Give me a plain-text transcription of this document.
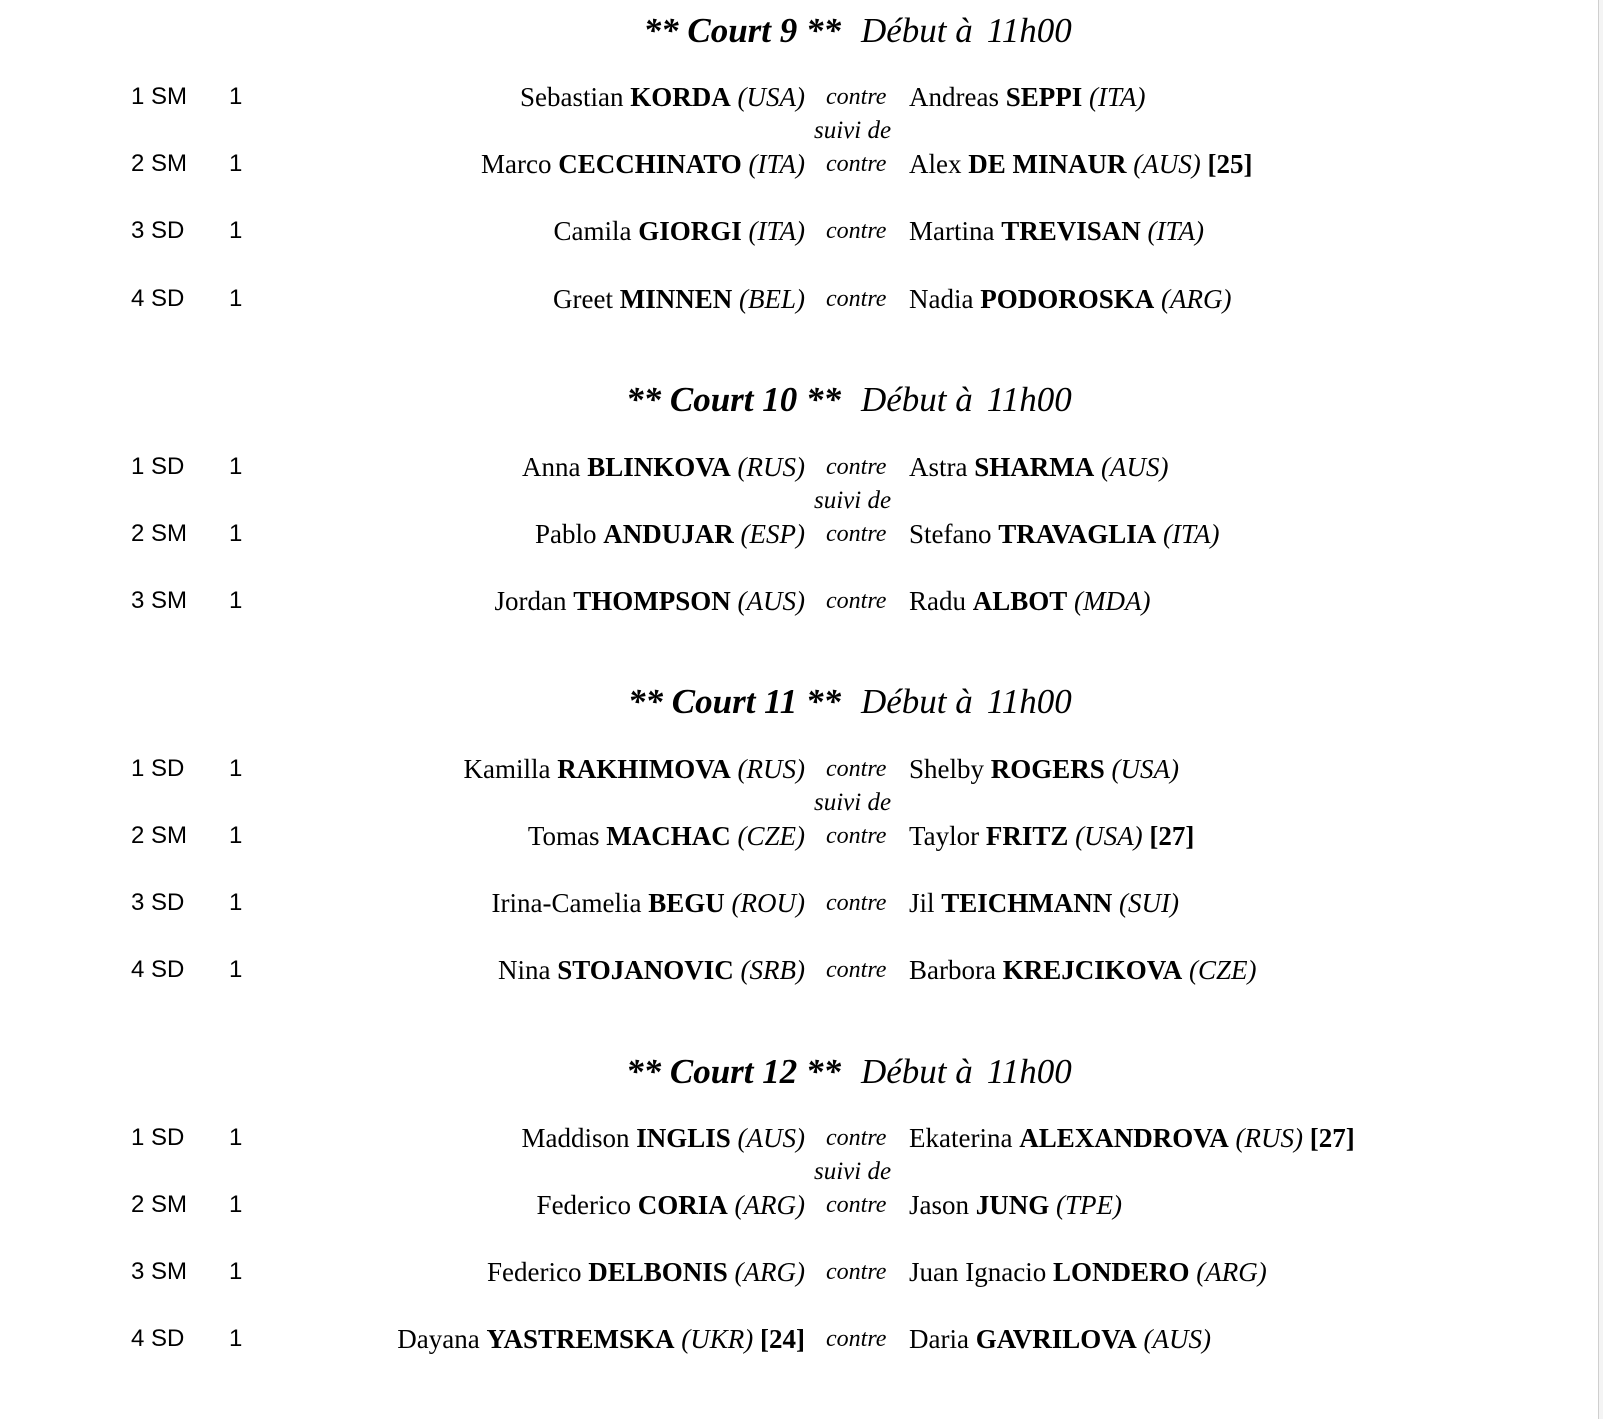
** Court 9 ** Début à 11h00
1 SM 1	Sebastian KORDA (USA) contre Andreas SEPPI (ITA)
suivi de
2 SM 1	Marco CECCHINATO (ITA) contre Alex DE MINAUR (AUS) [25]
3 SD 1	Camila GIORGI (ITA) contre Martina TREVISAN (ITA)
4 SD 1	Greet MINNEN (BEL) contre Nadia PODOROSKA (ARG)
** Court 10 ** Début à 11h00
1 SD 1	Anna BLINKOVA (RUS) contre Astra SHARMA (AUS)
suivi de
2 SM 1	Pablo ANDUJAR (ESP) contre Stefano TRAVAGLIA (ITA)
3 SM 1	Jordan THOMPSON (AUS) contre Radu ALBOT (MDA)
** Court 11 ** Début à 11h00
1 SD 1	Kamilla RAKHIMOVA (RUS) contre Shelby ROGERS (USA)
suivi de
2 SM 1	Tomas MACHAC (CZE) contre Taylor FRITZ (USA) [27]
3 SD 1	Irina-Camelia BEGU (ROU) contre Jil TEICHMANN (SUI)
4 SD 1	Nina STOJANOVIC (SRB) contre Barbora KREJCIKOVA (CZE)
** Court 12 ** Début à 11h00
1 SD 1	Maddison INGLIS (AUS) contre Ekaterina ALEXANDROVA (RUS) [27]
suivi de
2 SM 1	Federico CORIA (ARG) contre Jason JUNG (TPE)
3 SM 1	Federico DELBONIS (ARG) contre Juan Ignacio LONDERO (ARG)
4 SD 1	Dayana YASTREMSKA (UKR) [24] contre Daria GAVRILOVA (AUS)
